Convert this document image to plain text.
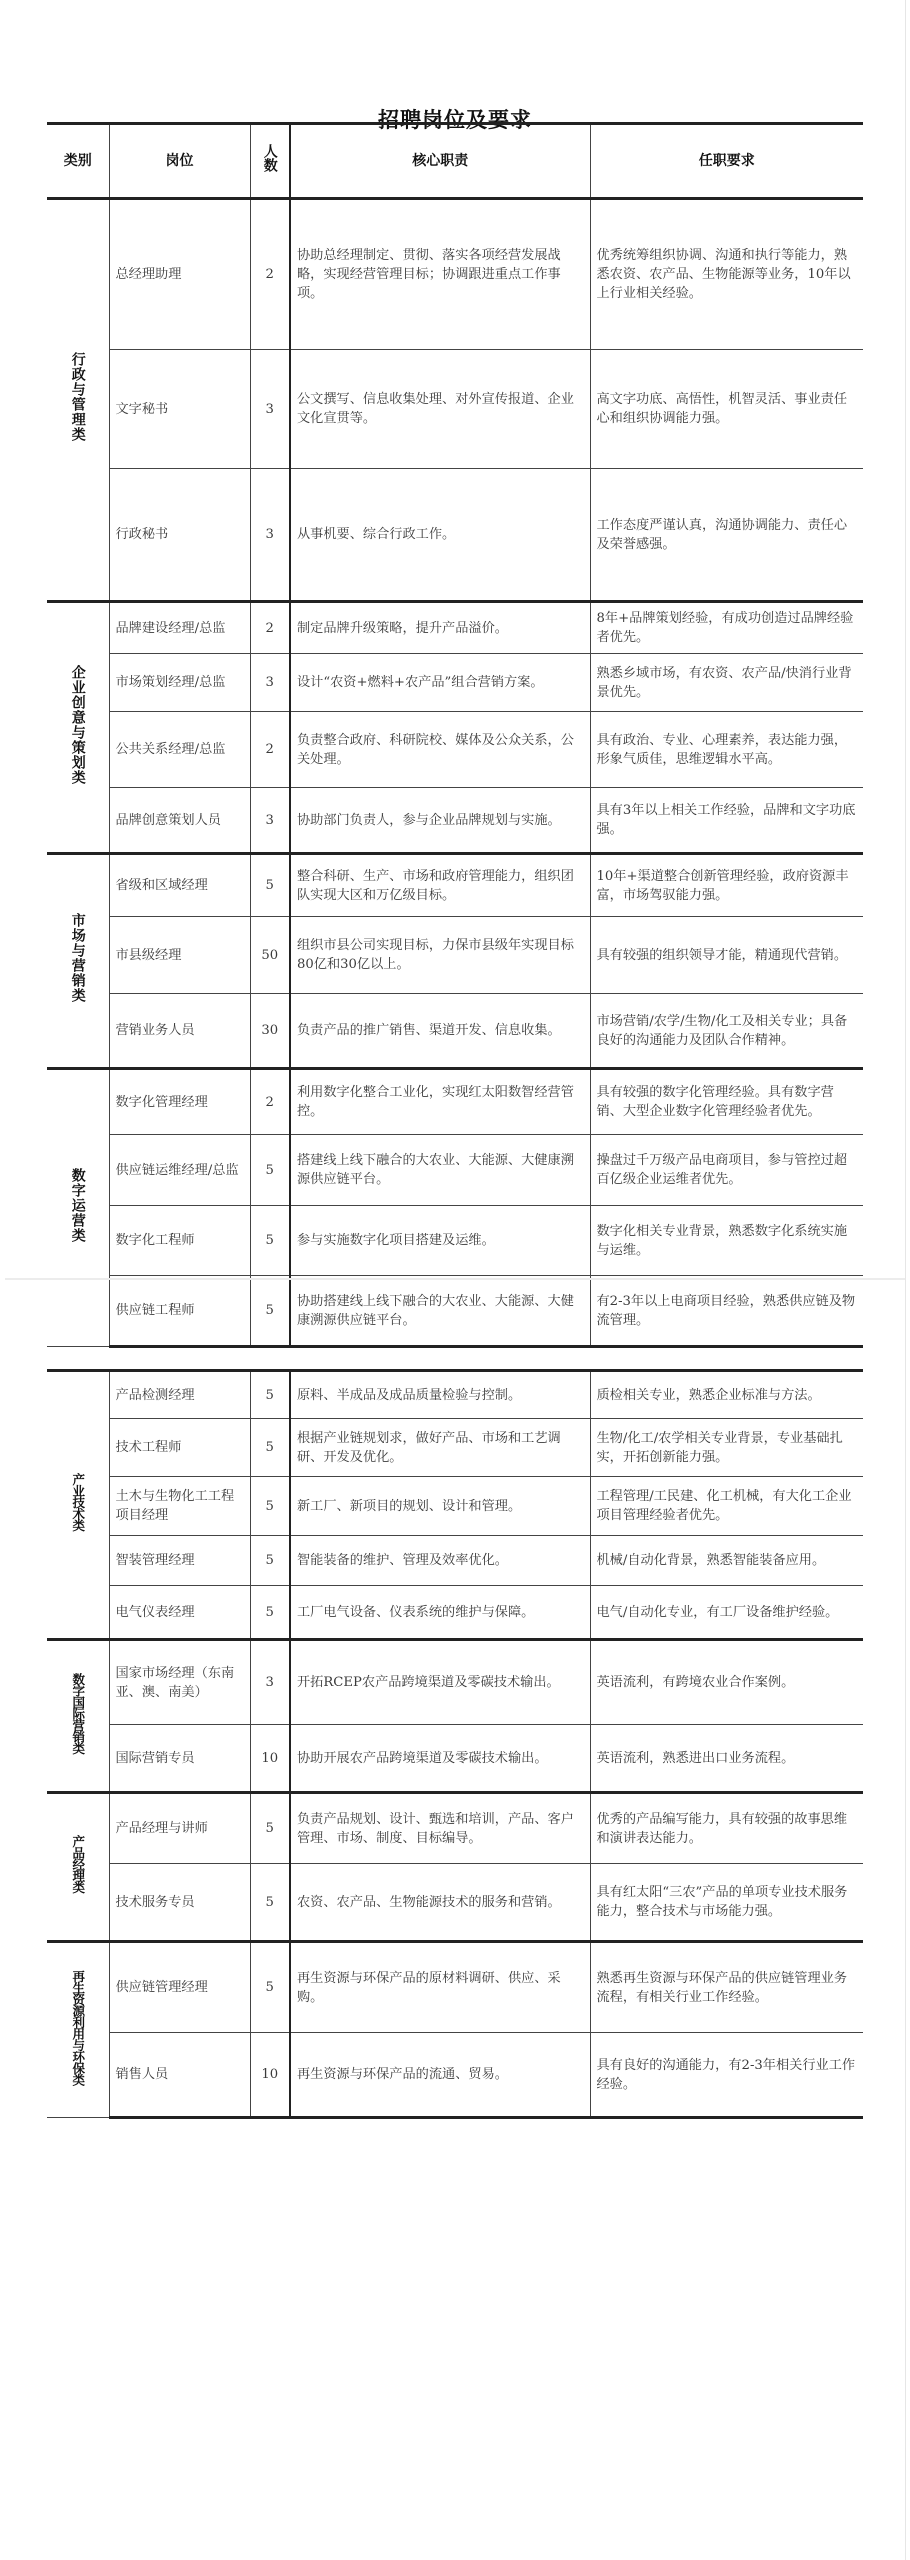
招聘岗位及要求
类别	岗位	人数	核心职责	任职要求
行政与管理类	总经理助理	2	协助总经理制定、贯彻、落实各项经营发展战略，实现经营管理目标；协调跟进重点工作事项。	优秀统筹组织协调、沟通和执行等能力，熟悉农资、农产品、生物能源等业务，10年以上行业相关经验。
	文字秘书	3	公文撰写、信息收集处理、对外宣传报道、企业文化宣贯等。	高文字功底、高悟性，机智灵活、事业责任心和组织协调能力强。
	行政秘书	3	从事机要、综合行政工作。	工作态度严谨认真，沟通协调能力、责任心及荣誉感强。
企业创意与策划类	品牌建设经理/总监	2	制定品牌升级策略，提升产品溢价。	8年+品牌策划经验，有成功创造过品牌经验者优先。
	市场策划经理/总监	3	设计“农资+燃料+农产品”组合营销方案。	熟悉乡域市场，有农资、农产品/快消行业背景优先。
	公共关系经理/总监	2	负责整合政府、科研院校、媒体及公众关系，公关处理。	具有政治、专业、心理素养，表达能力强，形象气质佳，思维逻辑水平高。
	品牌创意策划人员	3	协助部门负责人，参与企业品牌规划与实施。	具有3年以上相关工作经验，品牌和文字功底强。
市场与营销类	省级和区域经理	5	整合科研、生产、市场和政府管理能力，组织团队实现大区和万亿级目标。	10年+渠道整合创新管理经验，政府资源丰富，市场驾驭能力强。
	市县级经理	50	组织市县公司实现目标，力保市县级年实现目标80亿和30亿以上。	具有较强的组织领导才能，精通现代营销。
	营销业务人员	30	负责产品的推广销售、渠道开发、信息收集。	市场营销/农学/生物/化工及相关专业；具备良好的沟通能力及团队合作精神。
数字运营类	数字化管理经理	2	利用数字化整合工业化，实现红太阳数智经营管控。	具有较强的数字化管理经验。具有数字营销、大型企业数字化管理经验者优先。
	供应链运维经理/总监	5	搭建线上线下融合的大农业、大能源、大健康溯源供应链平台。	操盘过千万级产品电商项目，参与管控过超百亿级企业运维者优先。
	数字化工程师	5	参与实施数字化项目搭建及运维。	数字化相关专业背景，熟悉数字化系统实施与运维。
	供应链工程师	5	协助搭建线上线下融合的大农业、大能源、大健康溯源供应链平台。	有2-3年以上电商项目经验，熟悉供应链及物流管理。
产业技术类	产品检测经理	5	原料、半成品及成品质量检验与控制。	质检相关专业，熟悉企业标准与方法。
	技术工程师	5	根据产业链规划求，做好产品、市场和工艺调研、开发及优化。	生物/化工/农学相关专业背景，专业基础扎实，开拓创新能力强。
	土木与生物化工工程项目经理	5	新工厂、新项目的规划、设计和管理。	工程管理/工民建、化工机械，有大化工企业项目管理经验者优先。
	智装管理经理	5	智能装备的维护、管理及效率优化。	机械/自动化背景，熟悉智能装备应用。
	电气仪表经理	5	工厂电气设备、仪表系统的维护与保障。	电气/自动化专业，有工厂设备维护经验。
数字国际营销类	国家市场经理（东南亚、澳、南美）	3	开拓RCEP农产品跨境渠道及零碳技术输出。	英语流利，有跨境农业合作案例。
	国际营销专员	10	协助开展农产品跨境渠道及零碳技术输出。	英语流利，熟悉进出口业务流程。
产品经理类	产品经理与讲师	5	负责产品规划、设计、甄选和培训，产品、客户管理、市场、制度、目标编导。	优秀的产品编写能力，具有较强的故事思维和演讲表达能力。
	技术服务专员	5	农资、农产品、生物能源技术的服务和营销。	具有红太阳“三农”产品的单项专业技术服务能力，整合技术与市场能力强。
再生资源利用与环保类	供应链管理经理	5	再生资源与环保产品的原材料调研、供应、采购。	熟悉再生资源与环保产品的供应链管理业务流程，有相关行业工作经验。
	销售人员	10	再生资源与环保产品的流通、贸易。	具有良好的沟通能力，有2-3年相关行业工作经验。
